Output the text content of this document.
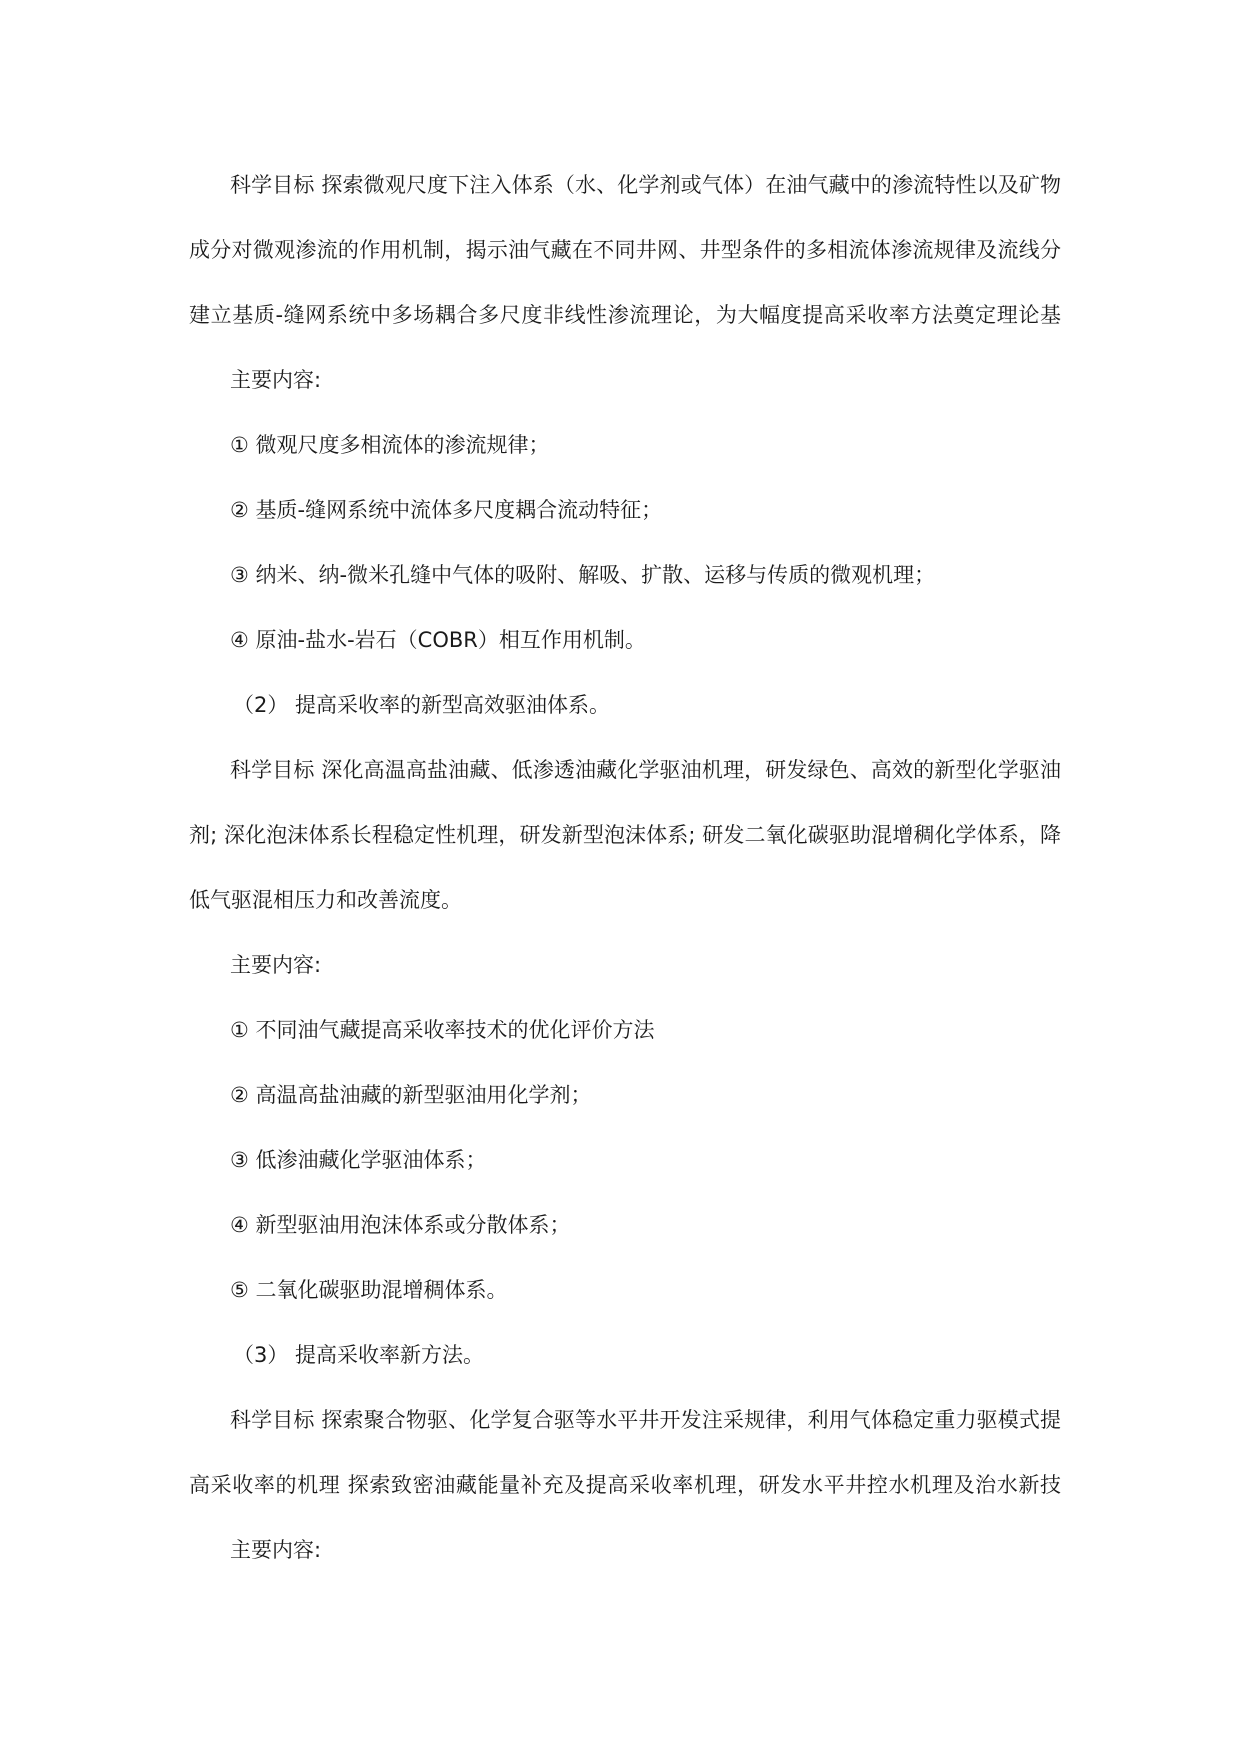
科学目标 探索微观尺度下注入体系（水、化学剂或气体）在油气藏中的渗流特性以及矿物
成分对微观渗流的作用机制，揭示油气藏在不同井网、井型条件的多相流体渗流规律及流线分
建立基质-缝网系统中多场耦合多尺度非线性渗流理论，为大幅度提高采收率方法奠定理论基
主要内容:
① 微观尺度多相流体的渗流规律；
② 基质-缝网系统中流体多尺度耦合流动特征；
③ 纳米、纳-微米孔缝中气体的吸附、解吸、扩散、运移与传质的微观机理；
④ 原油-盐水-岩石（COBR）相互作用机制。
（2） 提高采收率的新型高效驱油体系。
科学目标 深化高温高盐油藏、低渗透油藏化学驱油机理，研发绿色、高效的新型化学驱油
剂; 深化泡沫体系长程稳定性机理，研发新型泡沫体系; 研发二氧化碳驱助混增稠化学体系，降
低气驱混相压力和改善流度。
主要内容:
① 不同油气藏提高采收率技术的优化评价方法
② 高温高盐油藏的新型驱油用化学剂；
③ 低渗油藏化学驱油体系；
④ 新型驱油用泡沫体系或分散体系；
⑤ 二氧化碳驱助混增稠体系。
（3） 提高采收率新方法。
科学目标 探索聚合物驱、化学复合驱等水平井开发注采规律，利用气体稳定重力驱模式提
高采收率的机理 探索致密油藏能量补充及提高采收率机理，研发水平井控水机理及治水新技
主要内容:
